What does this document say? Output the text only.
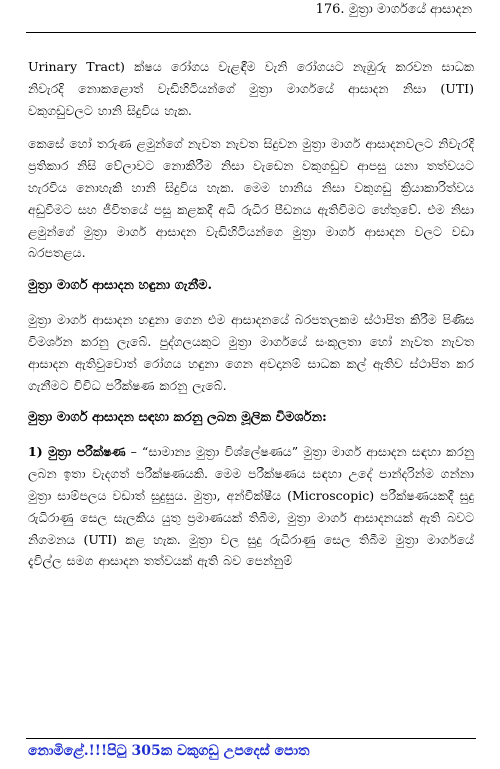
176. මුත්‍රා මාර්ගයේ ආසාදන

Urinary Tract) ක්ෂය රෝගය වැළඳීම වැනි රෝගයට නැඹුරු කරවන සාධක නිවැරදි නොකළොත් වැඩිහිටියන්ගේ මුත්‍රා මාර්ගයේ ආසාදන නිසා (UTI) වකුගඩුවලට හානි සිදුවිය හැක.

කෙසේ හෝ තරුණ ළමුන්ගේ නැවත නැවත සිදුවන මුත්‍රා මාර්ග ආසාදනවලට නිවැරදි ප්‍රතිකාර නිසි වේලාවට නොකිරීම නිසා වැඩෙන වකුගඩුව ආපසු යනා තත්වයට හැරවිය නොහැකි හානි සිදුවිය හැක. මෙම හානිය නිසා වකුගඩු ක්‍රියාකාරිත්වය අඩුවීමට සහ ජීවිතයේ පසු කළකදී අධි රුධිර පීඩනය ඇතිවීමට හේතුවේ. එම නිසා ළමුන්ගේ මුත්‍රා මාර්ග ආසාදන වැඩිහිටියන්ගෙ මුත්‍රා මාර්ග ආසාදන වලට වඩා බරපතළය.

මුත්‍රා මාර්ග ආසාදන හඳුනා ගැනීම.

මුත්‍රා මාර්ග ආසාදන හඳුනා ගෙන එම ආසාදනයේ බරපතලකම ස්ථාපිත කිරීම පිණිස විමර්ශන කරනු ලැබේ. පුද්ගලයකුට මුත්‍රා මාර්ගයේ සංකූලතා හෝ නැවත නැවත ආසාදන ඇතිවුවොත් රෝගය හඳුනා ගෙන අවදානම් සාධක කල් ඇතිව ස්ථාපිත කර ගැනීමට විවිධ පරීක්ෂණ කරනු ලැබේ.

මුත්‍රා මාර්ග ආසාදන සඳහා කරනු ලබන මූලික විමර්ශන:

1) මුත්‍රා පරීක්ෂණ – “සාමාන්‍ය මුත්‍රා විශ්ලේෂණය” මුත්‍රා මාර්ග ආසාදන සඳහා කරනු ලබන ඉතා වැදගත් පරීක්ෂණයකි. මෙම පරීක්ෂණය සඳහා උදේ පාන්දරින්ම ගන්නා මුත්‍රා සාම්පලය වඩාත් සුදුසුය. මුත්‍රා, අන්වීක්ෂීය (Microscopic) පරීක්ෂණයකදී සුදු රුධිරාණු සෙල සැලකිය යුතු ප්‍රමාණයක් තිබීම, මුත්‍රා මාර්ග ආසාදනයක් ඇති බවට නිගමනය (UTI) කළ හැක. මුත්‍රා වල සුදු රුධිරාණු සෙල තිබීම මුත්‍රා මාර්ගයේ දැවිල්ල සමග ආසාදන තත්වයක් ඇති බව පෙන්නුම්

නොමිළේ.!!!පිටු 305ක වකුගඩු උපදෙස් පොත
